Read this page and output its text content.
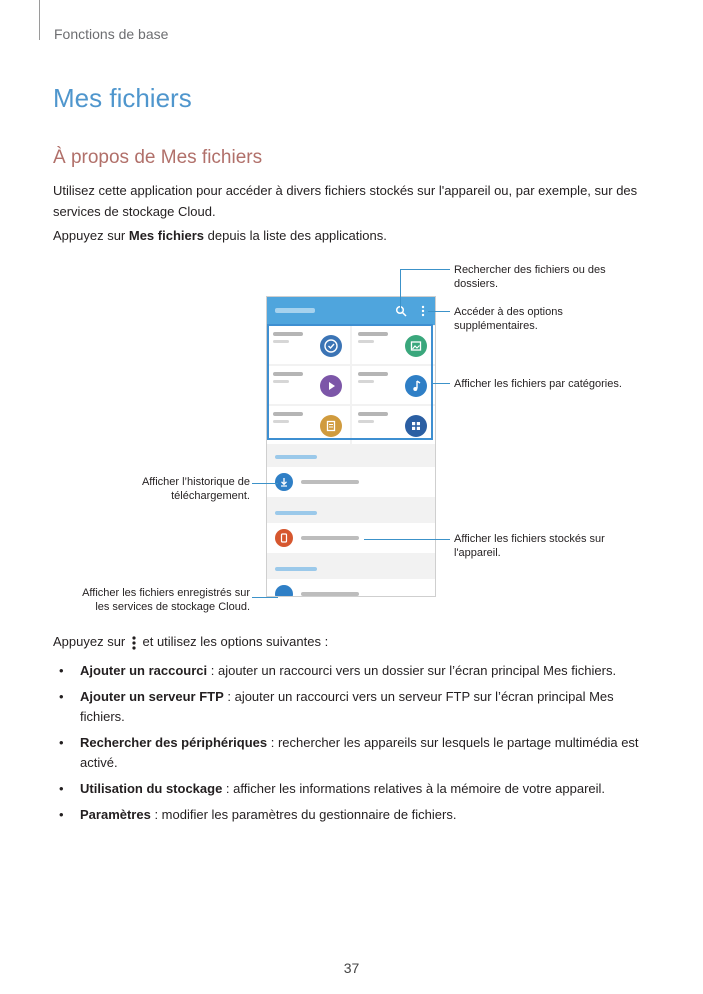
Fonctions de base
Mes fichiers
À propos de Mes fichiers
Utilisez cette application pour accéder à divers fichiers stockés sur l'appareil ou, par exemple, sur des services de stockage Cloud.
Appuyez sur Mes fichiers depuis la liste des applications.
Rechercher des fichiers ou des dossiers.
Accéder à des options supplémentaires.
Afficher les fichiers par catégories.
Afficher l’historique de téléchargement.
Afficher les fichiers stockés sur l'appareil.
Afficher les fichiers enregistrés sur les services de stockage Cloud.
Appuyez sur  et utilisez les options suivantes :
• Ajouter un raccourci : ajouter un raccourci vers un dossier sur l’écran principal Mes fichiers.
• Ajouter un serveur FTP : ajouter un raccourci vers un serveur FTP sur l’écran principal Mes fichiers.
• Rechercher des périphériques : rechercher les appareils sur lesquels le partage multimédia est activé.
• Utilisation du stockage : afficher les informations relatives à la mémoire de votre appareil.
• Paramètres : modifier les paramètres du gestionnaire de fichiers.
37
